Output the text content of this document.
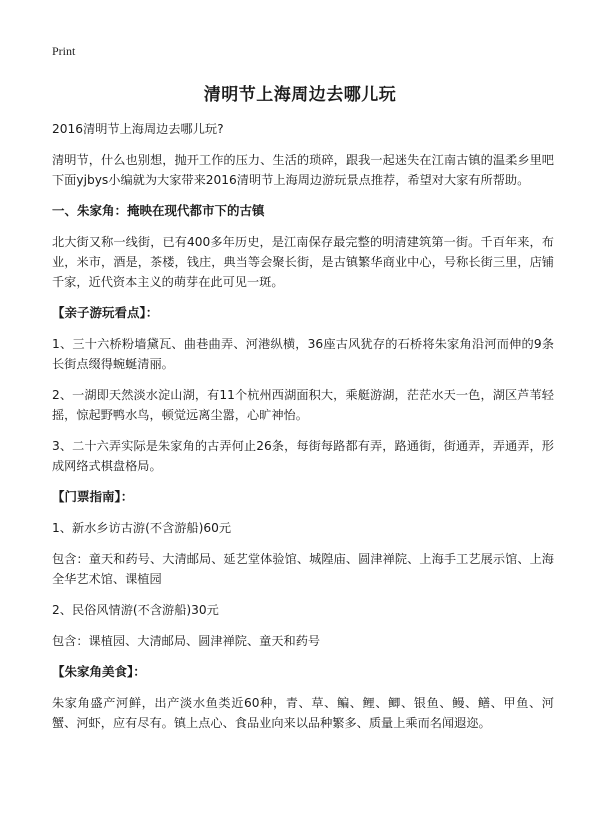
Print
清明节上海周边去哪儿玩

2016清明节上海周边去哪儿玩?

清明节，什么也别想，抛开工作的压力、生活的琐碎，跟我一起迷失在江南古镇的温柔乡里吧下面yjbys小编就为大家带来2016清明节上海周边游玩景点推荐，希望对大家有所帮助。

一、朱家角：掩映在现代都市下的古镇

北大街又称一线街，已有400多年历史，是江南保存最完整的明清建筑第一街。千百年来，布业，米市，酒是，茶楼，钱庄，典当等会聚长街，是古镇繁华商业中心，号称长街三里，店铺千家，近代资本主义的萌芽在此可见一斑。

【亲子游玩看点】：

1、三十六桥粉墙黛瓦、曲巷曲弄、河港纵横，36座古风犹存的石桥将朱家角沿河而伸的9条长街点缀得蜿蜒清丽。

2、一湖即天然淡水淀山湖，有11个杭州西湖面积大，乘艇游湖，茫茫水天一色，湖区芦苇轻摇，惊起野鸭水鸟，顿觉远离尘嚣，心旷神怡。

3、二十六弄实际是朱家角的古弄何止26条，每街每路都有弄，路通街，街通弄，弄通弄，形成网络式棋盘格局。

【门票指南】：

1、新水乡访古游(不含游船)60元

包含：童天和药号、大清邮局、延艺堂体验馆、城隍庙、圆津禅院、上海手工艺展示馆、上海全华艺术馆、课植园

2、民俗风情游(不含游船)30元

包含：课植园、大清邮局、圆津禅院、童天和药号

【朱家角美食】：

朱家角盛产河鲜，出产淡水鱼类近60种，青、草、鳊、鲤、鲫、银鱼、鳗、鳝、甲鱼、河蟹、河虾，应有尽有。镇上点心、食品业向来以品种繁多、质量上乘而名闻遐迩。
